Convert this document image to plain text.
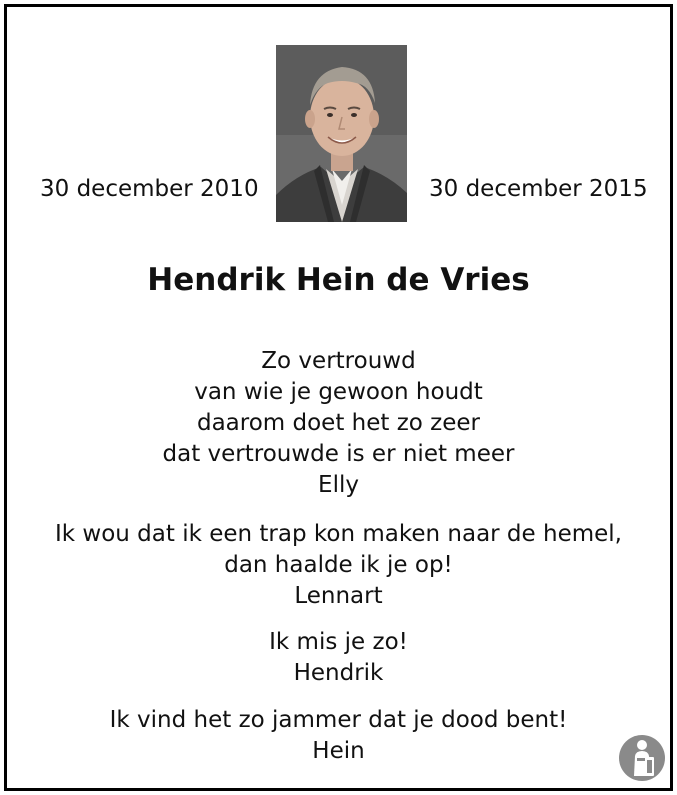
30 december 2010	30 december 2015
Hendrik Hein de Vries
Zo vertrouwd
van wie je gewoon houdt
daarom doet het zo zeer
dat vertrouwde is er niet meer
Elly
Ik wou dat ik een trap kon maken naar de hemel,
dan haalde ik je op!
Lennart
Ik mis je zo!
Hendrik
Ik vind het zo jammer dat je dood bent!
Hein
